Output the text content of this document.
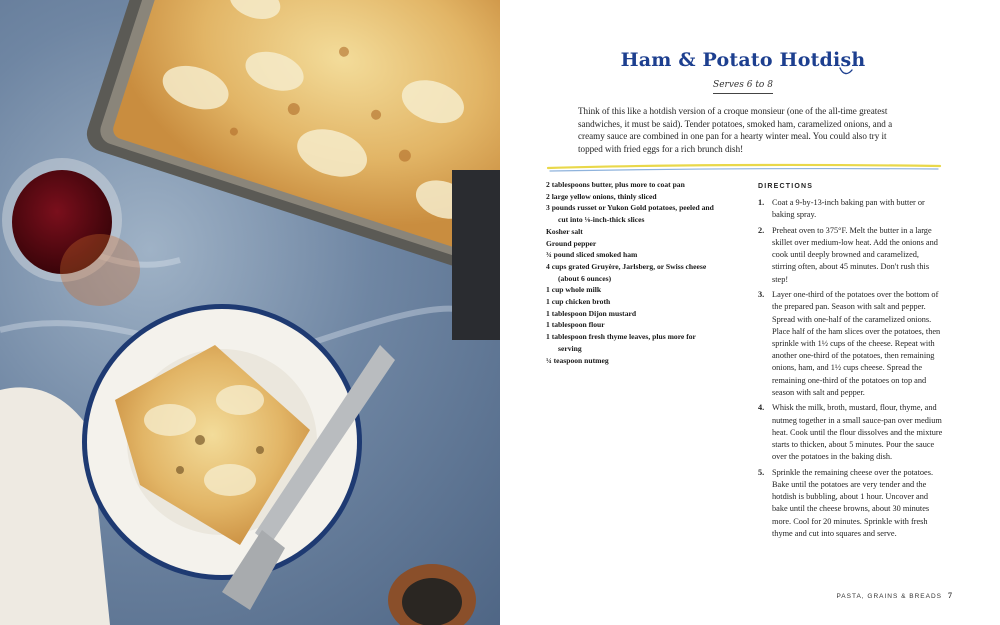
Ham & Potato Hotdish
Serves 6 to 8

Think of this like a hotdish version of a croque monsieur (one of the all-time greatest sandwiches, it must be said). Tender potatoes, smoked ham, caramelized onions, and a creamy sauce are combined in one pan for a hearty winter meal. You could also try it topped with fried eggs for a rich brunch dish!

2 tablespoons butter, plus more to coat pan
2 large yellow onions, thinly sliced
3 pounds russet or Yukon Gold potatoes, peeled and cut into ⅛-inch-thick slices
Kosher salt
Ground pepper
¾ pound sliced smoked ham
4 cups grated Gruyère, Jarlsberg, or Swiss cheese (about 6 ounces)
1 cup whole milk
1 cup chicken broth
1 tablespoon Dijon mustard
1 tablespoon flour
1 tablespoon fresh thyme leaves, plus more for serving
¼ teaspoon nutmeg
DIRECTIONS
1. Coat a 9-by-13-inch baking pan with butter or baking spray.
2. Preheat oven to 375°F. Melt the butter in a large skillet over medium-low heat. Add the onions and cook until deeply browned and caramelized, stirring often, about 45 minutes. Don't rush this step!
3. Layer one-third of the potatoes over the bottom of the prepared pan. Season with salt and pepper. Spread with one-half of the caramelized onions. Place half of the ham slices over the potatoes, then sprinkle with 1½ cups of the cheese. Repeat with another one-third of the potatoes, then remaining onions, ham, and 1½ cups cheese. Spread the remaining one-third of the potatoes on top and season with salt and pepper.
4. Whisk the milk, broth, mustard, flour, thyme, and nutmeg together in a small sauce-pan over medium heat. Cook until the flour dissolves and the mixture starts to thicken, about 5 minutes. Pour the sauce over the potatoes in the baking dish.
5. Sprinkle the remaining cheese over the potatoes. Bake until the potatoes are very tender and the hotdish is bubbling, about 1 hour. Uncover and bake until the cheese browns, about 30 minutes more. Cool for 20 minutes. Sprinkle with fresh thyme and cut into squares and serve.
PASTA, GRAINS & BREADS 7
